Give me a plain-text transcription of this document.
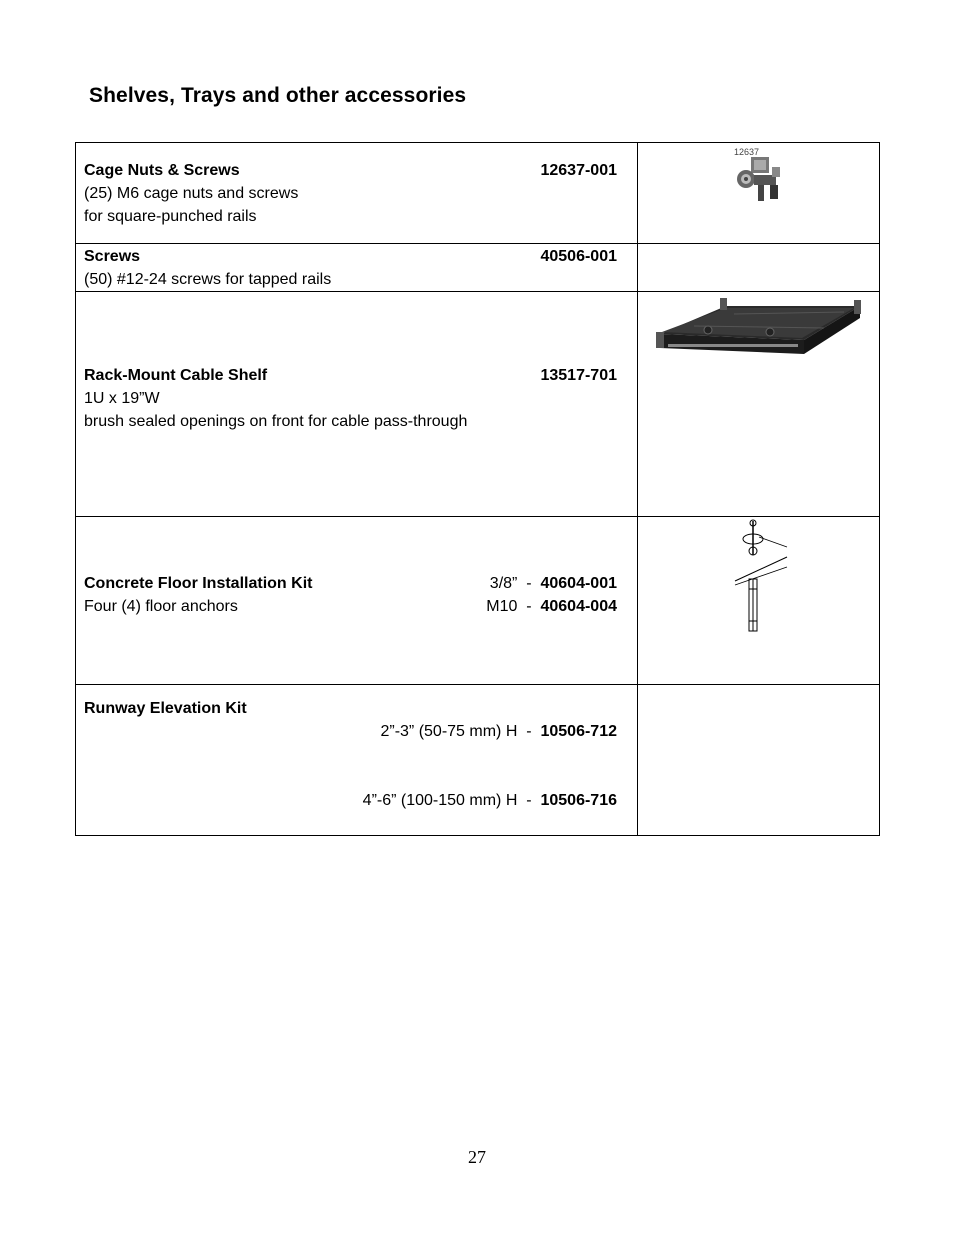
Shelves, Trays and other accessories
Cage Nuts & Screws 12637-001
(25) M6 cage nuts and screws
for square-punched rails	12637

Screws 40506-001
(50) #12-24 screws for tapped rails	

Rack-Mount Cable Shelf 13517-701
1U x 19”W
brush sealed openings on front for cable pass-through

Concrete Floor Installation Kit 3/8”  -  40604-001
Four (4) floor anchors M10  -  40604-004

Runway Elevation Kit

2”-3” (50-75 mm) H  -  10506-712

4”-6” (100-150 mm) H  -  10506-716	

27
